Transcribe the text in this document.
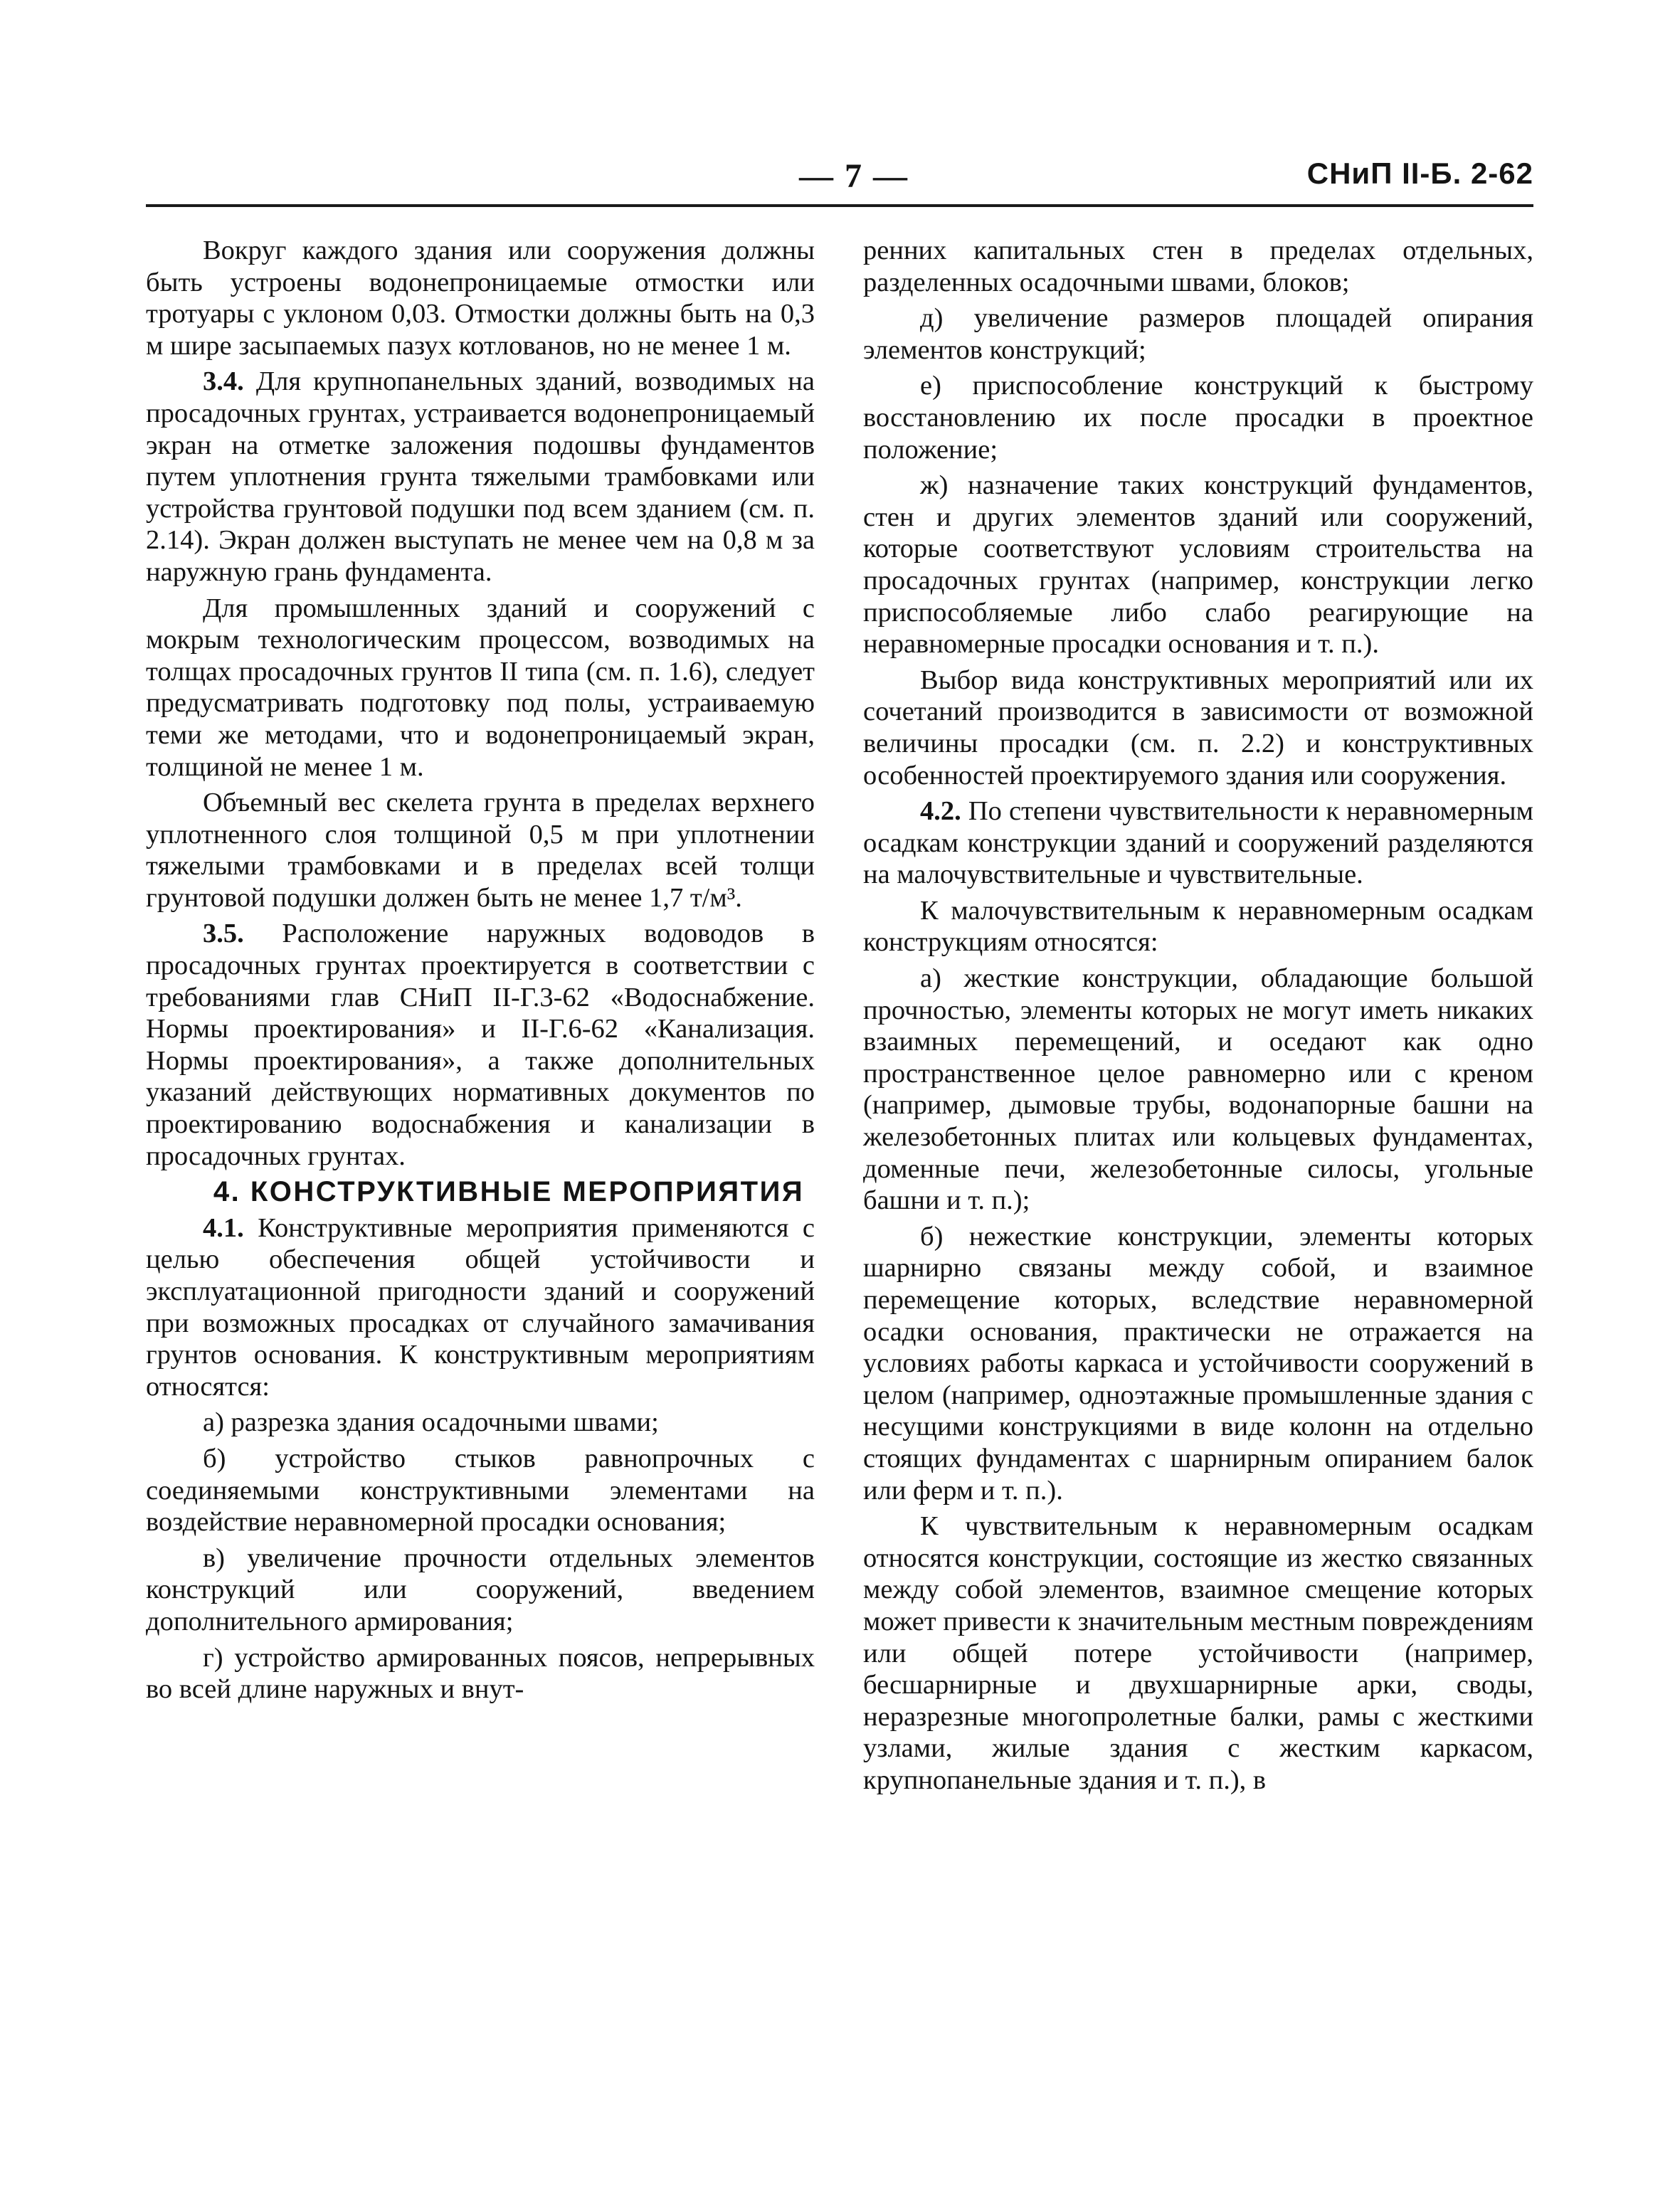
— 7 —	СНиП II-Б. 2-62

Вокруг каждого здания или сооружения должны быть устроены водонепроницаемые отмостки или тротуары с уклоном 0,03. Отмостки должны быть на 0,3 м шире засыпаемых пазух котлованов, но не менее 1 м.

3.4. Для крупнопанельных зданий, возводимых на просадочных грунтах, устраивается водонепроницаемый экран на отметке заложения подошвы фундаментов путем уплотнения грунта тяжелыми трамбовками или устройства грунтовой подушки под всем зданием (см. п. 2.14). Экран должен выступать не менее чем на 0,8 м за наружную грань фундамента.

Для промышленных зданий и сооружений с мокрым технологическим процессом, возводимых на толщах просадочных грунтов II типа (см. п. 1.6), следует предусматривать подготовку под полы, устраиваемую теми же методами, что и водонепроницаемый экран, толщиной не менее 1 м.

Объемный вес скелета грунта в пределах верхнего уплотненного слоя толщиной 0,5 м при уплотнении тяжелыми трамбовками и в пределах всей толщи грунтовой подушки должен быть не менее 1,7 т/м³.

3.5. Расположение наружных водоводов в просадочных грунтах проектируется в соответствии с требованиями глав СНиП II-Г.3-62 «Водоснабжение. Нормы проектирования» и II-Г.6-62 «Канализация. Нормы проектирования», а также дополнительных указаний действующих нормативных документов по проектированию водоснабжения и канализации в просадочных грунтах.

4. КОНСТРУКТИВНЫЕ МЕРОПРИЯТИЯ

4.1. Конструктивные мероприятия применяются с целью обеспечения общей устойчивости и эксплуатационной пригодности зданий и сооружений при возможных просадках от случайного замачивания грунтов основания. К конструктивным мероприятиям относятся:

а) разрезка здания осадочными швами;

б) устройство стыков равнопрочных с соединяемыми конструктивными элементами на воздействие неравномерной просадки основания;

в) увеличение прочности отдельных элементов конструкций или сооружений, введением дополнительного армирования;

г) устройство армированных поясов, непрерывных во всей длине наружных и внут-

ренних капитальных стен в пределах отдельных, разделенных осадочными швами, блоков;

д) увеличение размеров площадей опирания элементов конструкций;

е) приспособление конструкций к быстрому восстановлению их после просадки в проектное положение;

ж) назначение таких конструкций фундаментов, стен и других элементов зданий или сооружений, которые соответствуют условиям строительства на просадочных грунтах (например, конструкции легко приспособляемые либо слабо реагирующие на неравномерные просадки основания и т. п.).

Выбор вида конструктивных мероприятий или их сочетаний производится в зависимости от возможной величины просадки (см. п. 2.2) и конструктивных особенностей проектируемого здания или сооружения.

4.2. По степени чувствительности к неравномерным осадкам конструкции зданий и сооружений разделяются на малочувствительные и чувствительные.

К малочувствительным к неравномерным осадкам конструкциям относятся:

а) жесткие конструкции, обладающие большой прочностью, элементы которых не могут иметь никаких взаимных перемещений, и оседают как одно пространственное целое равномерно или с креном (например, дымовые трубы, водонапорные башни на железобетонных плитах или кольцевых фундаментах, доменные печи, железобетонные силосы, угольные башни и т. п.);

б) нежесткие конструкции, элементы которых шарнирно связаны между собой, и взаимное перемещение которых, вследствие неравномерной осадки основания, практически не отражается на условиях работы каркаса и устойчивости сооружений в целом (например, одноэтажные промышленные здания с несущими конструкциями в виде колонн на отдельно стоящих фундаментах с шарнирным опиранием балок или ферм и т. п.).

К чувствительным к неравномерным осадкам относятся конструкции, состоящие из жестко связанных между собой элементов, взаимное смещение которых может привести к значительным местным повреждениям или общей потере устойчивости (например, бесшарнирные и двухшарнирные арки, своды, неразрезные многопролетные балки, рамы с жесткими узлами, жилые здания с жестким каркасом, крупнопанельные здания и т. п.), в
